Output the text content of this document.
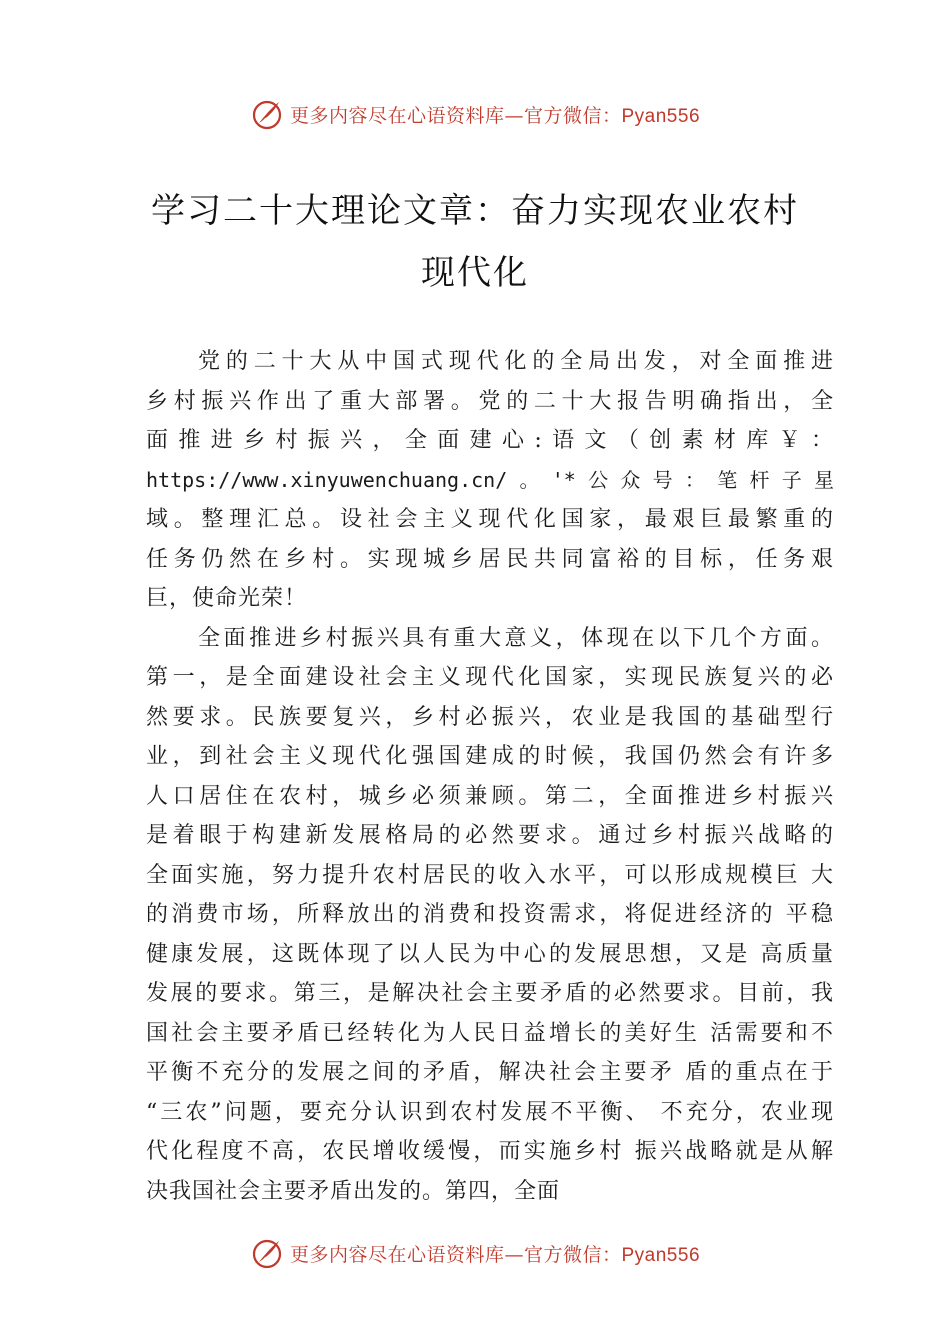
更多内容尽在心语资料库—官方微信：Pyan556
学习二十大理论文章：奋力实现农业农村
现代化
党的二十大从中国式现代化的全局出发，对全面推进
乡村振兴作出了重大部署。党的二十大报告明确指出，全
面推进乡村振兴，全面建心:语文（创素材库￥：
https://www.xinyuwenchuang.cn/。'*公众号：笔杆子星
域。整理汇总。设社会主义现代化国家，最艰巨最繁重的
任务仍然在乡村。实现城乡居民共同富裕的目标，任务艰
巨，使命光荣！
全面推进乡村振兴具有重大意义，体现在以下几个方面。
第一，是全面建设社会主义现代化国家，实现民族复兴的必
然要求。民族要复兴，乡村必振兴，农业是我国的基础型行
业，到社会主义现代化强国建成的时候，我国仍然会有许多
人口居住在农村，城乡必须兼顾。第二，全面推进乡村振兴
是着眼于构建新发展格局的必然要求。通过乡村振兴战略的
全面实施，努力提升农村居民的收入水平，可以形成规模巨 大
的消费市场，所释放出的消费和投资需求，将促进经济的 平稳
健康发展，这既体现了以人民为中心的发展思想，又是 高质量
发展的要求。第三，是解决社会主要矛盾的必然要求。目前，我
国社会主要矛盾已经转化为人民日益增长的美好生 活需要和不
平衡不充分的发展之间的矛盾，解决社会主要矛 盾的重点在于
“三农”问题，要充分认识到农村发展不平衡、 不充分，农业现
代化程度不高，农民增收缓慢，而实施乡村 振兴战略就是从解
决我国社会主要矛盾出发的。第四，全面
更多内容尽在心语资料库—官方微信：Pyan556
